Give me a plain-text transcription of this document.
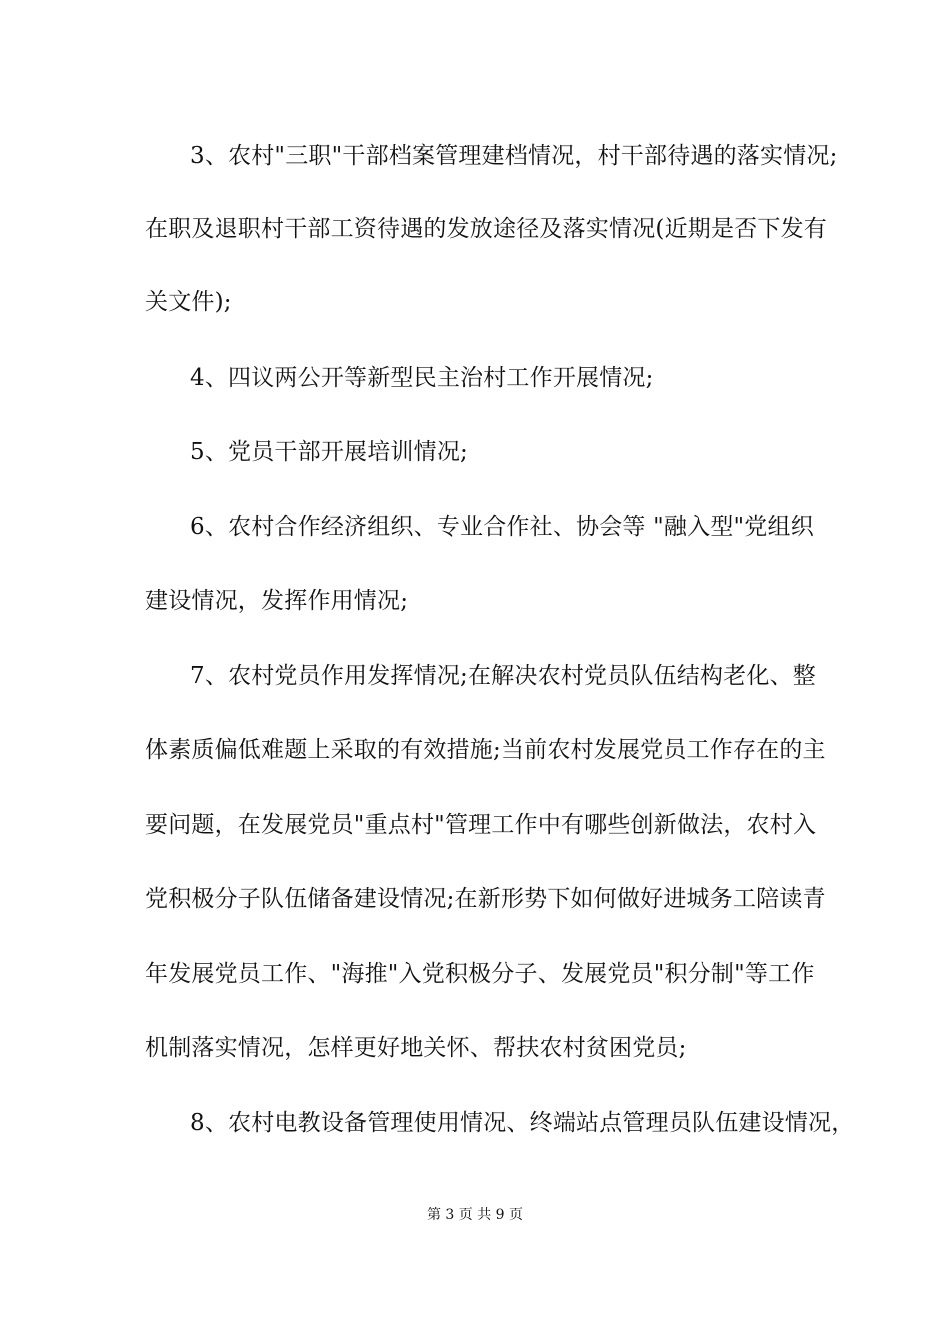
3、农村"三职"干部档案管理建档情况，村干部待遇的落实情况;
在职及退职村干部工资待遇的发放途径及落实情况(近期是否下发有
关文件);
4、四议两公开等新型民主治村工作开展情况;
5、党员干部开展培训情况;
6、农村合作经济组织、专业合作社、协会等 "融入型"党组织
建设情况，发挥作用情况;
7、农村党员作用发挥情况;在解决农村党员队伍结构老化、整
体素质偏低难题上采取的有效措施;当前农村发展党员工作存在的主
要问题，在发展党员"重点村"管理工作中有哪些创新做法，农村入
党积极分子队伍储备建设情况;在新形势下如何做好进城务工陪读青
年发展党员工作、"海推"入党积极分子、发展党员"积分制"等工作
机制落实情况，怎样更好地关怀、帮扶农村贫困党员;
8、农村电教设备管理使用情况、终端站点管理员队伍建设情况，
第 3 页 共 9 页
